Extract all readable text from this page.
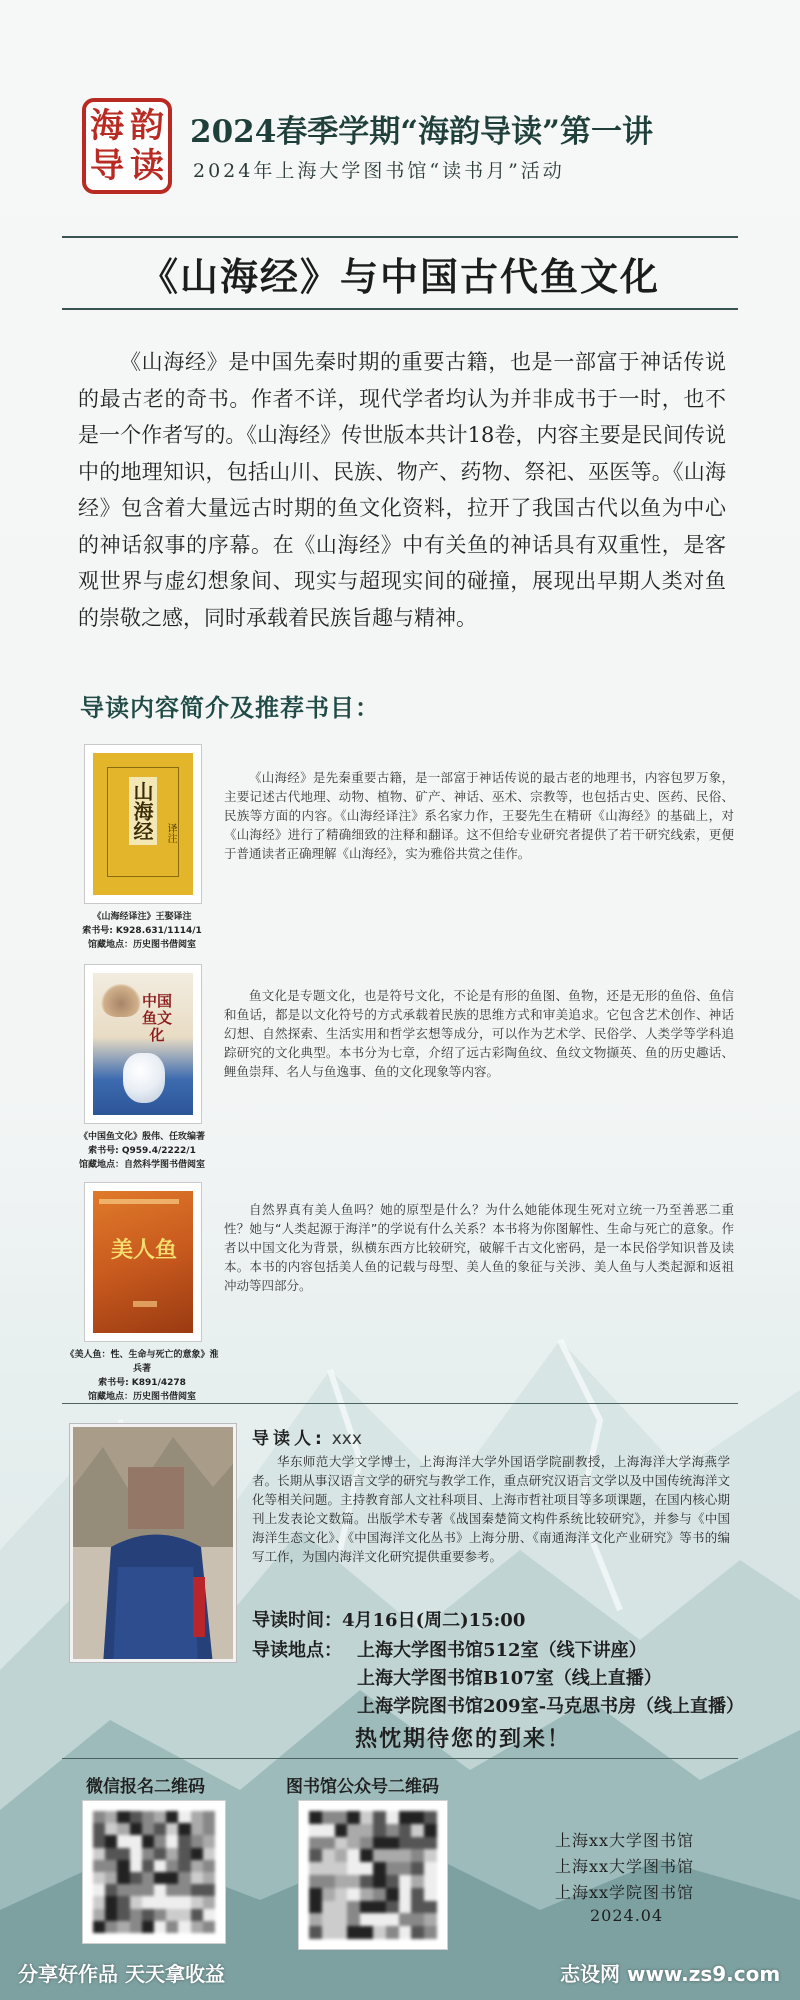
海 韵
导 读
2024春季学期“海韵导读”第一讲
2024年上海大学图书馆“读书月”活动
《山海经》与中国古代鱼文化
《山海经》是中国先秦时期的重要古籍，也是一部富于神话传说的最古老的奇书。作者不详，现代学者均认为并非成书于一时，也不是一个作者写的。《山海经》传世版本共计18卷，内容主要是民间传说中的地理知识，包括山川、民族、物产、药物、祭祀、巫医等。《山海经》包含着大量远古时期的鱼文化资料，拉开了我国古代以鱼为中心的神话叙事的序幕。在《山海经》中有关鱼的神话具有双重性，是客观世界与虚幻想象间、现实与超现实间的碰撞，展现出早期人类对鱼的崇敬之感，同时承载着民族旨趣与精神。
导读内容简介及推荐书目：
山海经	译注
《山海经译注》王娶译注
索书号: K928.631/1114/1
馆藏地点：历史图书借阅室
《山海经》是先秦重要古籍，是一部富于神话传说的最古老的地理书，内容包罗万象，主要记述古代地理、动物、植物、矿产、神话、巫术、宗教等，也包括古史、医药、民俗、民族等方面的内容。《山海经译注》系名家力作，王娶先生在精研《山海经》的基础上，对《山海经》进行了精确细致的注释和翻译。这不但给专业研究者提供了若干研究线索，更便于普通读者正确理解《山海经》，实为雅俗共赏之佳作。
中国鱼文化
《中国鱼文化》殷伟、任玫编著
索书号: Q959.4/2222/1
馆藏地点：自然科学图书借阅室
鱼文化是专题文化，也是符号文化，不论是有形的鱼图、鱼物，还是无形的鱼俗、鱼信和鱼话，都是以文化符号的方式承载着民族的思维方式和审美追求。它包含艺术创作、神话幻想、自然探索、生活实用和哲学玄想等成分，可以作为艺术学、民俗学、人类学等学科追踪研究的文化典型。本书分为七章，介绍了远古彩陶鱼纹、鱼纹文物撷英、鱼的历史趣话、鲤鱼崇拜、名人与鱼逸事、鱼的文化现象等内容。
美人鱼
《美人鱼：性、生命与死亡的意象》淮兵著
索书号: K891/4278
馆藏地点：历史图书借阅室
自然界真有美人鱼吗？她的原型是什么？为什么她能体现生死对立统一乃至善恶二重性？她与“人类起源于海洋”的学说有什么关系？本书将为你图解性、生命与死亡的意象。作者以中国文化为背景，纵横东西方比较研究，破解千古文化密码，是一本民俗学知识普及读本。本书的内容包括美人鱼的记载与母型、美人鱼的象征与关涉、美人鱼与人类起源和返祖冲动等四部分。
导读人: xxx
华东师范大学文学博士，上海海洋大学外国语学院副教授，上海海洋大学海燕学者。长期从事汉语言文学的研究与教学工作，重点研究汉语言文学以及中国传统海洋文化等相关问题。主持教育部人文社科项目、上海市哲社项目等多项课题，在国内核心期刊上发表论文数篇。出版学术专著《战国秦楚简文构件系统比较研究》，并参与《中国海洋生态文化》、《中国海洋文化丛书》上海分册、《南通海洋文化产业研究》等书的编写工作，为国内海洋文化研究提供重要参考。
导读时间：4月16日(周二)15:00
导读地点： 上海大学图书馆512室（线下讲座）
上海大学图书馆B107室（线上直播）
上海学院图书馆209室-马克思书房（线上直播）
热忱期待您的到来！
微信报名二维码	图书馆公众号二维码
上海xx大学图书馆
上海xx大学图书馆
上海xx学院图书馆
2024.04
分享好作品 天天拿收益	志设网 www.zs9.com
